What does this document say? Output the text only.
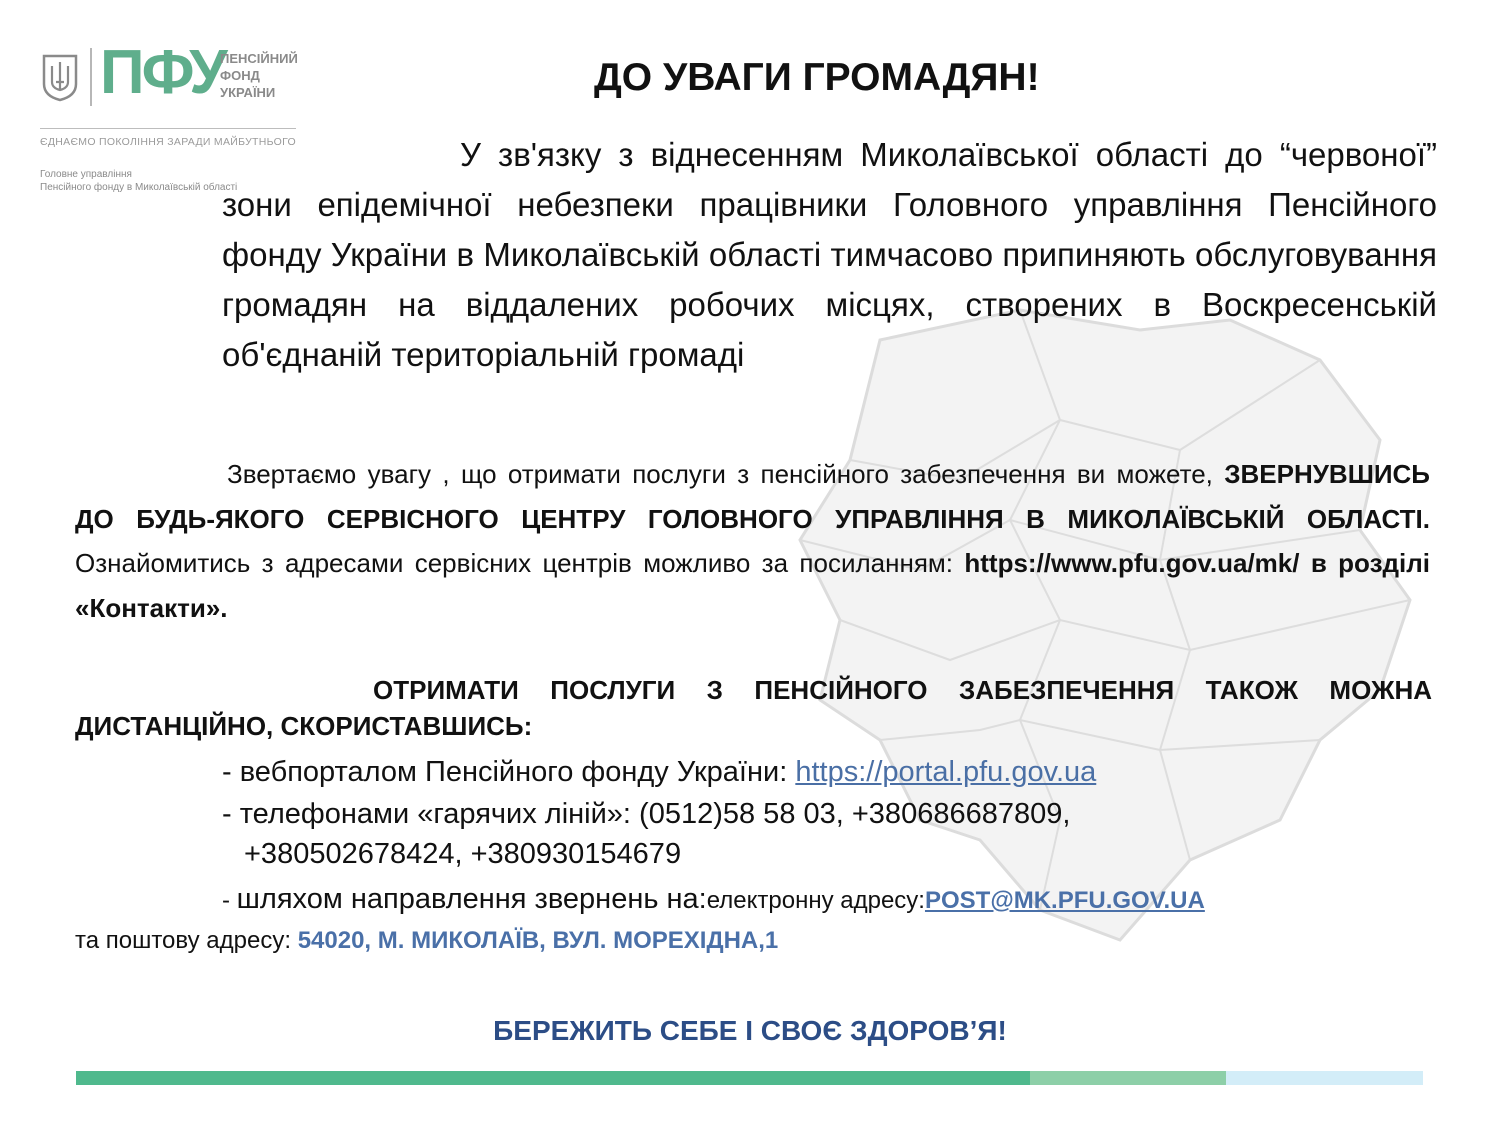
ПФУ
ПЕНСІЙНИЙ
ФОНД
УКРАЇНИ
ЄДНАЄМО ПОКОЛІННЯ ЗАРАДИ МАЙБУТНЬОГО
Головне управління
Пенсійного фонду в Миколаївській області
ДО УВАГИ ГРОМАДЯН!
У зв'язку з віднесенням Миколаївської області до “червоної” зони епідемічної небезпеки працівники Головного управління Пенсійного фонду України в Миколаївській області тимчасово припиняють обслуговування громадян на віддалених робочих місцях, створених в Воскресенській об'єднаній територіальній громаді
Звертаємо увагу , що отримати послуги з пенсійного забезпечення ви можете, ЗВЕРНУВШИСЬ ДО БУДЬ-ЯКОГО СЕРВІСНОГО ЦЕНТРУ ГОЛОВНОГО УПРАВЛІННЯ В МИКОЛАЇВСЬКІЙ ОБЛАСТІ. Ознайомитись з адресами сервісних центрів можливо за посиланням: https://www.pfu.gov.ua/mk/ в розділі «Контакти».
ОТРИМАТИ ПОСЛУГИ З ПЕНСІЙНОГО ЗАБЕЗПЕЧЕННЯ ТАКОЖ МОЖНА ДИСТАНЦІЙНО, СКОРИСТАВШИСЬ:
- вебпорталом Пенсійного фонду України: https://portal.pfu.gov.ua
- телефонами «гарячих ліній»: (0512)58 58 03, +380686687809,
+380502678424, +380930154679
- шляхом направлення звернень на:електронну адресу:POST@MK.PFU.GOV.UA
та поштову адресу: 54020, М. МИКОЛАЇВ, ВУЛ. МОРЕХІДНА,1
БЕРЕЖИТЬ СЕБЕ І СВОЄ ЗДОРОВ’Я!
